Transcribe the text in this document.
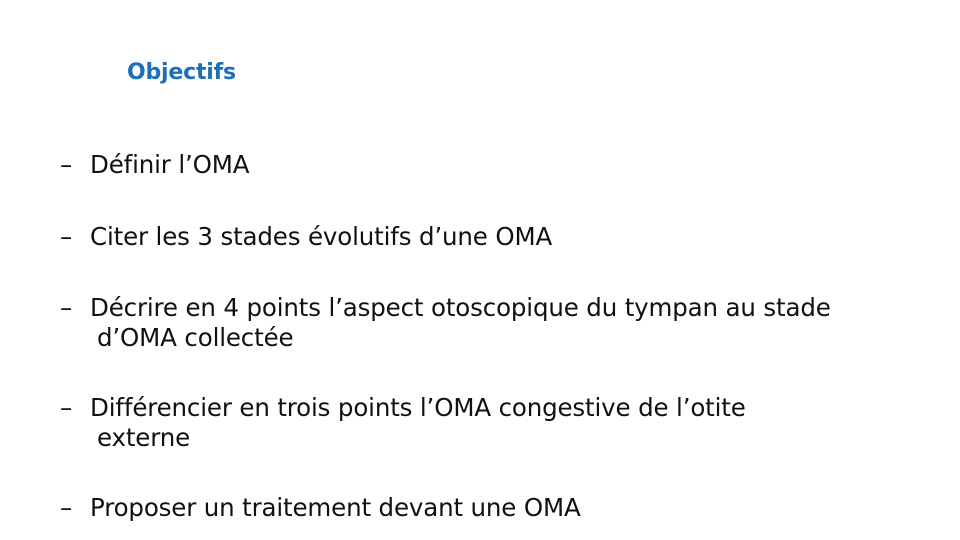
Objectifs
– Définir l’OMA
– Citer les 3 stades évolutifs d’une OMA
– Décrire en 4 points l’aspect otoscopique du tympan au stade
d’OMA collectée
– Différencier en trois points l’OMA congestive de l’otite
externe
– Proposer un traitement devant une OMA
